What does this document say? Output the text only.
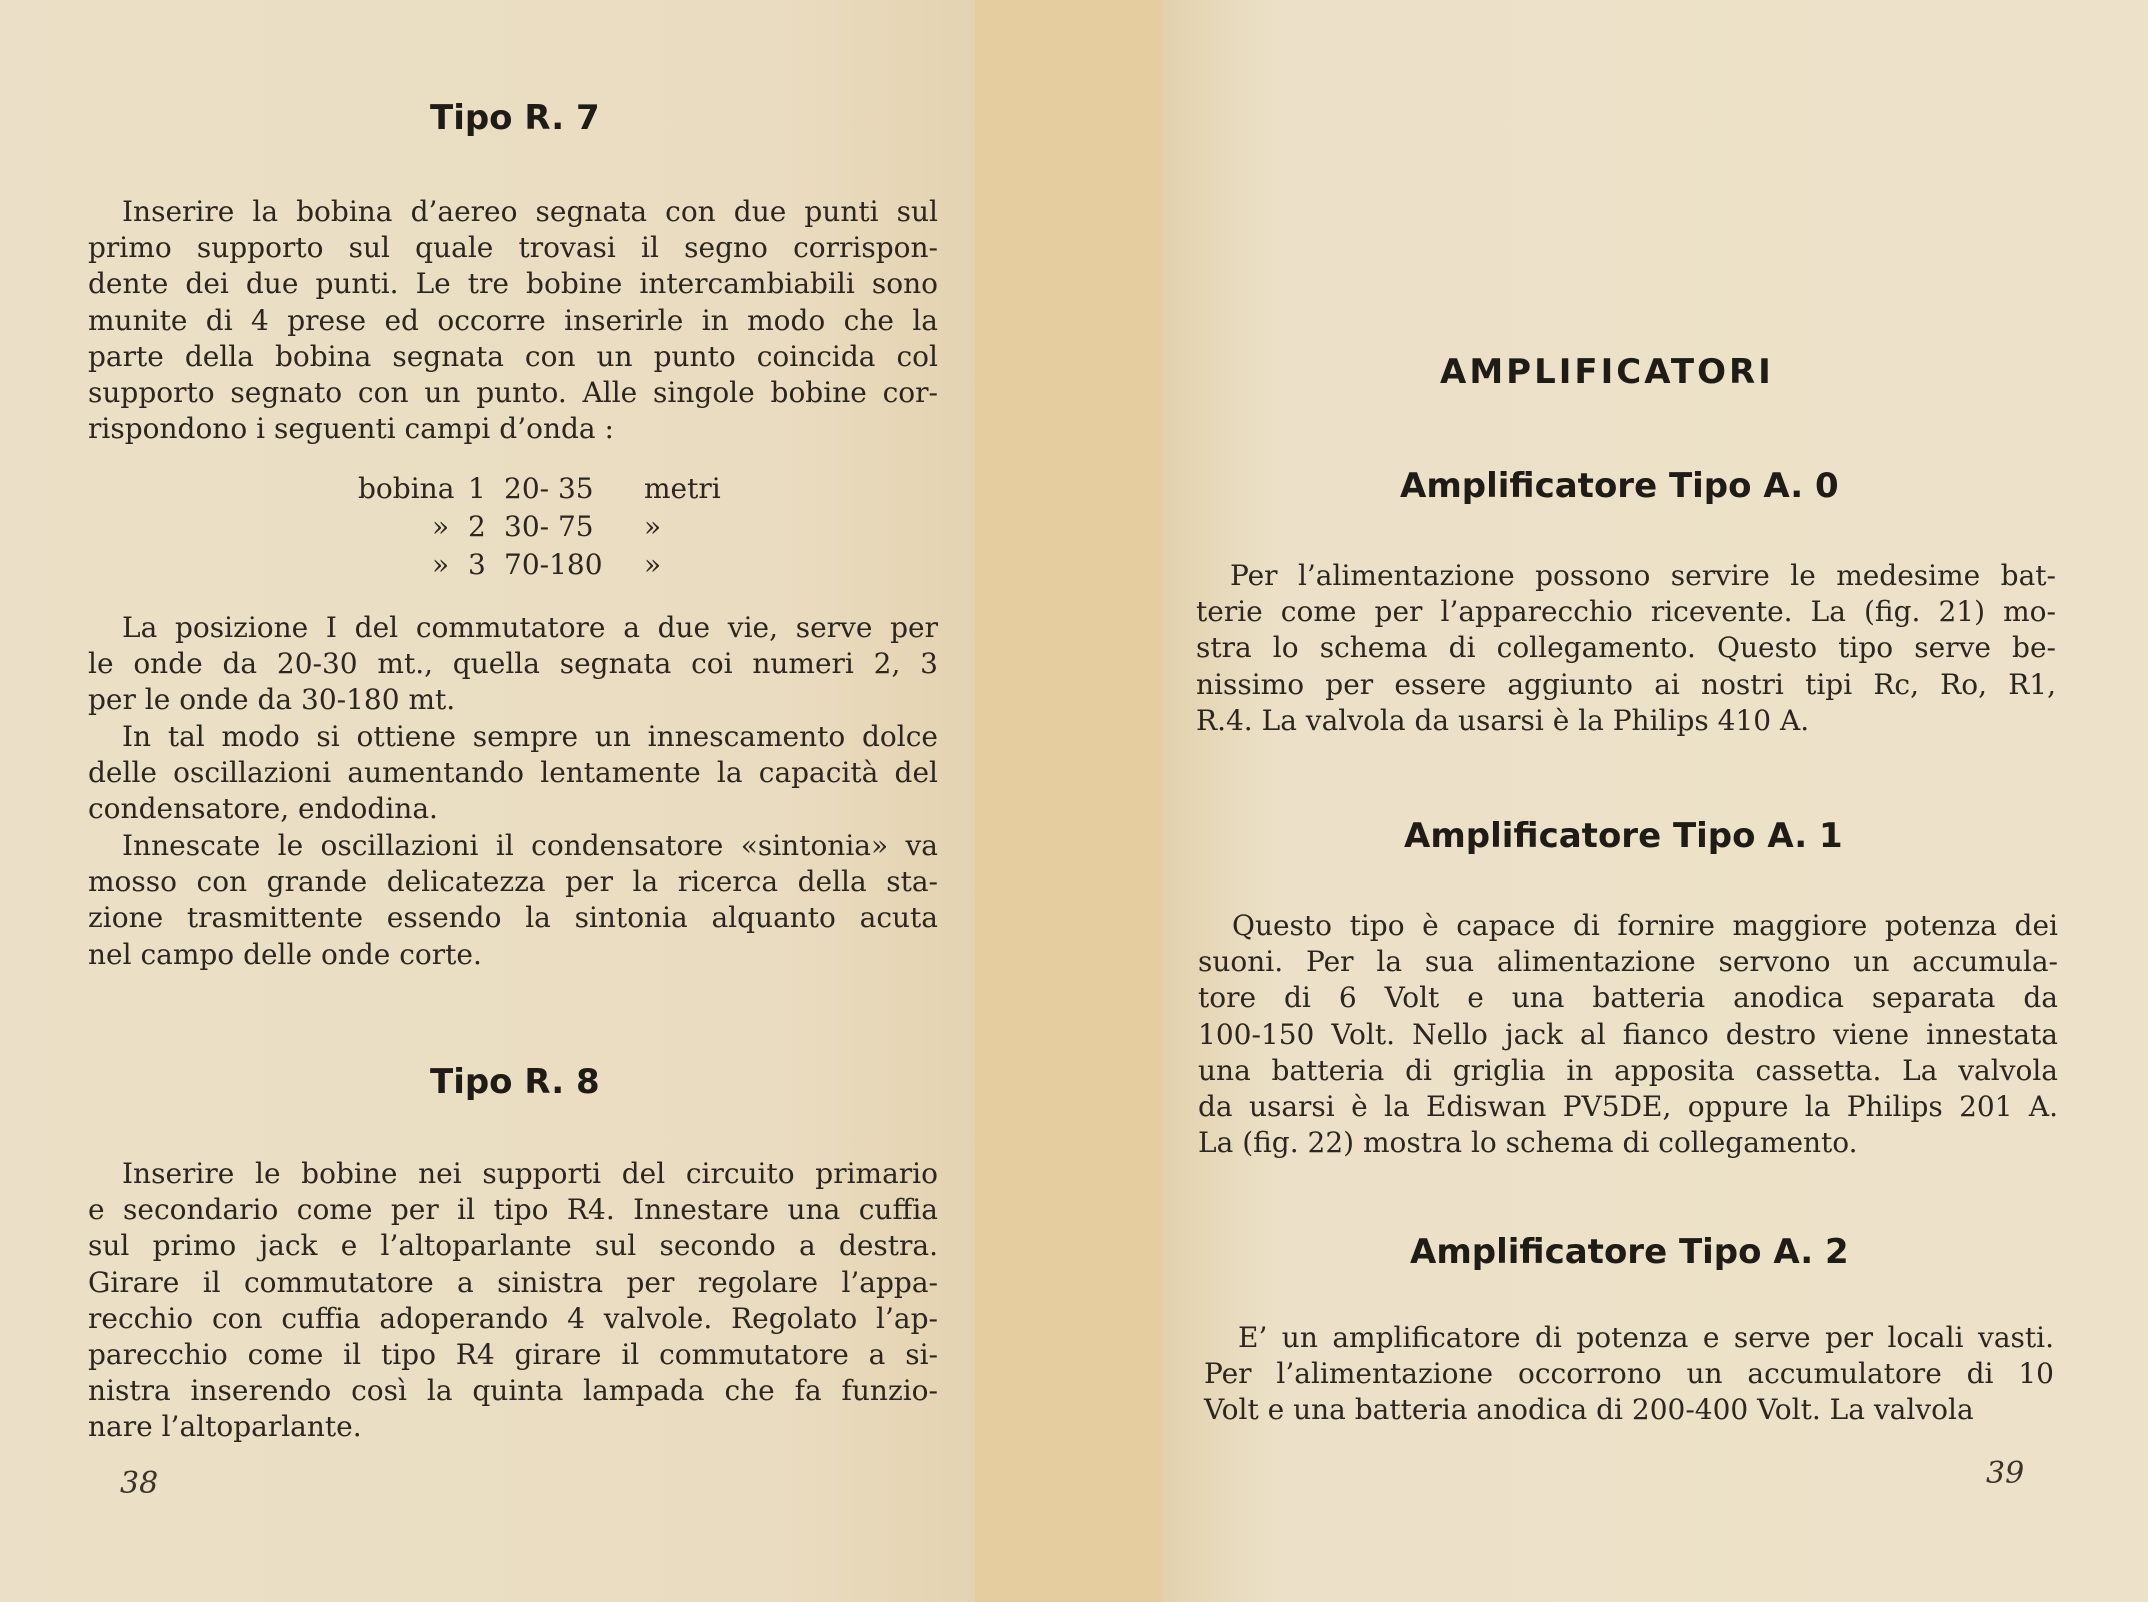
Tipo R. 7
Inserire la bobina d’aereo segnata con due punti sul
primo supporto sul quale trovasi il segno corrispon-
dente dei due punti. Le tre bobine intercambiabili sono
munite di 4 prese ed occorre inserirle in modo che la
parte della bobina segnata con un punto coincida col
supporto segnato con un punto. Alle singole bobine cor-
rispondono i seguenti campi d’onda :
bobina 1 20- 35	metri
» 2 30- 75	»
» 3 70-180	»
La posizione I del commutatore a due vie, serve per
le onde da 20-30 mt., quella segnata coi numeri 2, 3
per le onde da 30-180 mt.
In tal modo si ottiene sempre un innescamento dolce
delle oscillazioni aumentando lentamente la capacità del
condensatore, endodina.
Innescate le oscillazioni il condensatore «sintonia» va
mosso con grande delicatezza per la ricerca della sta-
zione trasmittente essendo la sintonia alquanto acuta
nel campo delle onde corte.
Tipo R. 8
Inserire le bobine nei supporti del circuito primario
e secondario come per il tipo R4. Innestare una cuffia
sul primo jack e l’altoparlante sul secondo a destra.
Girare il commutatore a sinistra per regolare l’appa-
recchio con cuffia adoperando 4 valvole. Regolato l’ap-
parecchio come il tipo R4 girare il commutatore a si-
nistra inserendo così la quinta lampada che fa funzio-
nare l’altoparlante.
38
AMPLIFICATORI
Amplificatore Tipo A. 0
Per l’alimentazione possono servire le medesime bat-
terie come per l’apparecchio ricevente. La (fig. 21) mo-
stra lo schema di collegamento. Questo tipo serve be-
nissimo per essere aggiunto ai nostri tipi Rc, Ro, R1,
R.4. La valvola da usarsi è la Philips 410 A.
Amplificatore Tipo A. 1
Questo tipo è capace di fornire maggiore potenza dei
suoni. Per la sua alimentazione servono un accumula-
tore di 6 Volt e una batteria anodica separata da
100-150 Volt. Nello jack al fianco destro viene innestata
una batteria di griglia in apposita cassetta. La valvola
da usarsi è la Ediswan PV5DE, oppure la Philips 201 A.
La (fig. 22) mostra lo schema di collegamento.
Amplificatore Tipo A. 2
E’ un amplificatore di potenza e serve per locali vasti.
Per l’alimentazione occorrono un accumulatore di 10
Volt e una batteria anodica di 200-400 Volt. La valvola
39
